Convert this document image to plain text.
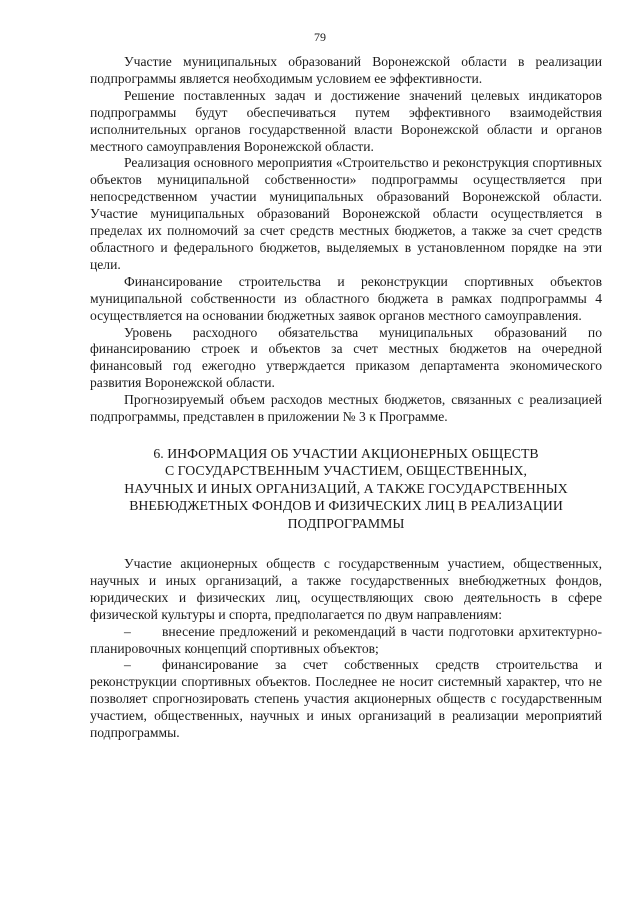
79

Участие муниципальных образований Воронежской области в реализации подпрограммы является необходимым условием ее эффективности.

Решение поставленных задач и достижение значений целевых индикаторов подпрограммы будут обеспечиваться путем эффективного взаимодействия исполнительных органов государственной власти Воронежской области и органов местного самоуправления Воронежской области.

Реализация основного мероприятия «Строительство и реконструкция спортивных объектов муниципальной собственности» подпрограммы осуществляется при непосредственном участии муниципальных образований Воронежской области. Участие муниципальных образований Воронежской области осуществляется в пределах их полномочий за счет средств местных бюджетов, а также за счет средств областного и федерального бюджетов, выделяемых в установленном порядке на эти цели.

Финансирование строительства и реконструкции спортивных объектов муниципальной собственности из областного бюджета в рамках подпрограммы 4 осуществляется на основании бюджетных заявок органов местного самоуправления.

Уровень расходного обязательства муниципальных образований по финансированию строек и объектов за счет местных бюджетов на очередной финансовый год ежегодно утверждается приказом департамента экономического развития Воронежской области.

Прогнозируемый объем расходов местных бюджетов, связанных с реализацией подпрограммы, представлен в приложении № 3 к Программе.

6. ИНФОРМАЦИЯ ОБ УЧАСТИИ АКЦИОНЕРНЫХ ОБЩЕСТВ
С ГОСУДАРСТВЕННЫМ УЧАСТИЕМ, ОБЩЕСТВЕННЫХ,
НАУЧНЫХ И ИНЫХ ОРГАНИЗАЦИЙ, А ТАКЖЕ ГОСУДАРСТВЕННЫХ
ВНЕБЮДЖЕТНЫХ ФОНДОВ И ФИЗИЧЕСКИХ ЛИЦ В РЕАЛИЗАЦИИ
ПОДПРОГРАММЫ

Участие акционерных обществ с государственным участием, общественных, научных и иных организаций, а также государственных внебюджетных фондов, юридических и физических лиц, осуществляющих свою деятельность в сфере физической культуры и спорта, предполагается по двум направлениям:

– внесение предложений и рекомендаций в части подготовки архитектурно-планировочных концепций спортивных объектов;

– финансирование за счет собственных средств строительства и реконструкции спортивных объектов. Последнее не носит системный характер, что не позволяет спрогнозировать степень участия акционерных обществ с государственным участием, общественных, научных и иных организаций в реализации мероприятий подпрограммы.
